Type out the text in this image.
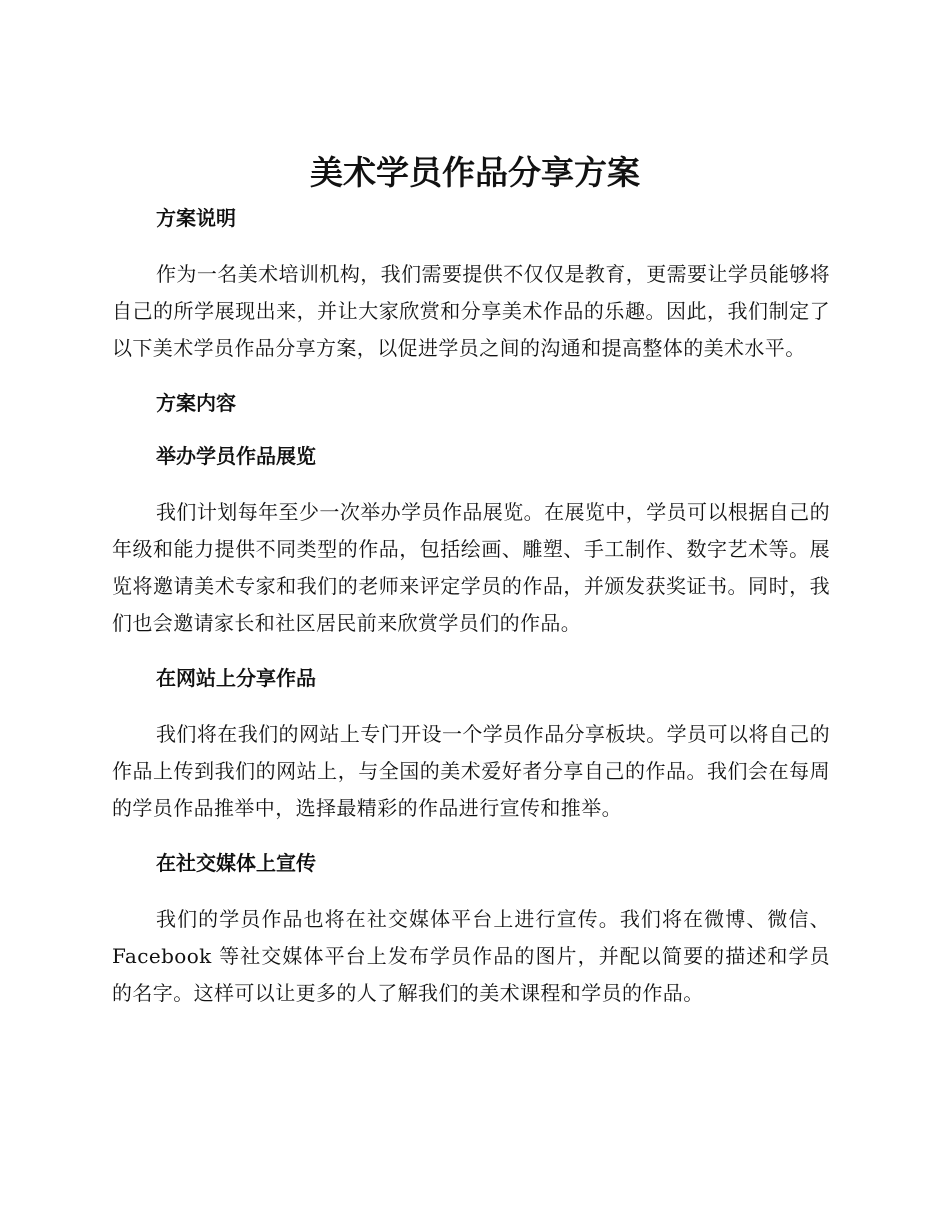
美术学员作品分享方案
方案说明
作为一名美术培训机构，我们需要提供不仅仅是教育，更需要让学员能够将自己的所学展现出来，并让大家欣赏和分享美术作品的乐趣。因此，我们制定了以下美术学员作品分享方案，以促进学员之间的沟通和提高整体的美术水平。
方案内容
举办学员作品展览
我们计划每年至少一次举办学员作品展览。在展览中，学员可以根据自己的年级和能力提供不同类型的作品，包括绘画、雕塑、手工制作、数字艺术等。展览将邀请美术专家和我们的老师来评定学员的作品，并颁发获奖证书。同时，我们也会邀请家长和社区居民前来欣赏学员们的作品。
在网站上分享作品
我们将在我们的网站上专门开设一个学员作品分享板块。学员可以将自己的作品上传到我们的网站上，与全国的美术爱好者分享自己的作品。我们会在每周的学员作品推举中，选择最精彩的作品进行宣传和推举。
在社交媒体上宣传
我们的学员作品也将在社交媒体平台上进行宣传。我们将在微博、微信、Facebook 等社交媒体平台上发布学员作品的图片，并配以简要的描述和学员的名字。这样可以让更多的人了解我们的美术课程和学员的作品。
